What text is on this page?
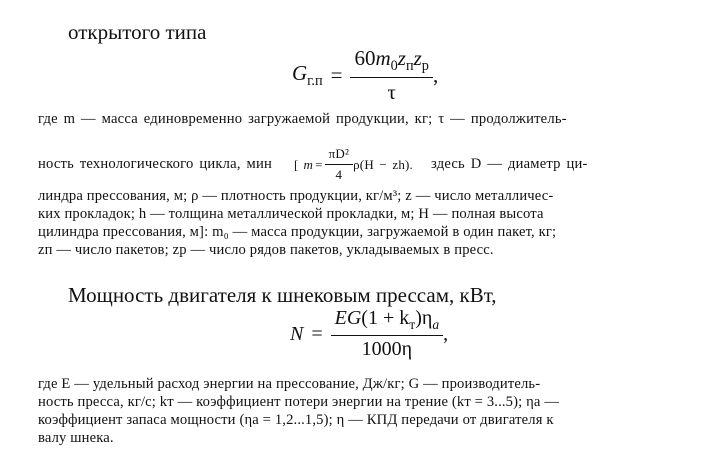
открытого типа
$G_{г.п} = \frac{60m_0z_пz_р}{\tau}$ ,
где m — масса единовременно загружаемой продукции, кг; τ — продолжитель-
ность технологического цикла, мин [ $m = \frac{\text{πD²}}{4} \rho(H - zh)$. здесь D — диаметр ци-
линдра прессования, м; ρ — плотность продукции, кг/м³; z — число металличес-
ких прокладок; h — толщина металлической прокладки, м; H — полная высота
цилиндра прессования, м]: m₀ — масса продукции, загружаемой в один пакет, кг;
zп — число пакетов; zр — число рядов пакетов, укладываемых в пресс.
Мощность двигателя к шнековым прессам, кВт,
$N = \frac{EG(1 + k_т)\eta_a}{1000\eta}$ ,
где E — удельный расход энергии на прессование, Дж/кг; G — производитель-
ность пресса, кг/с; kт — коэффициент потери энергии на трение (kт = 3...5); ηa —
коэффициент запаса мощности (ηa = 1,2...1,5); η — КПД передачи от двигателя к
валу шнека.
